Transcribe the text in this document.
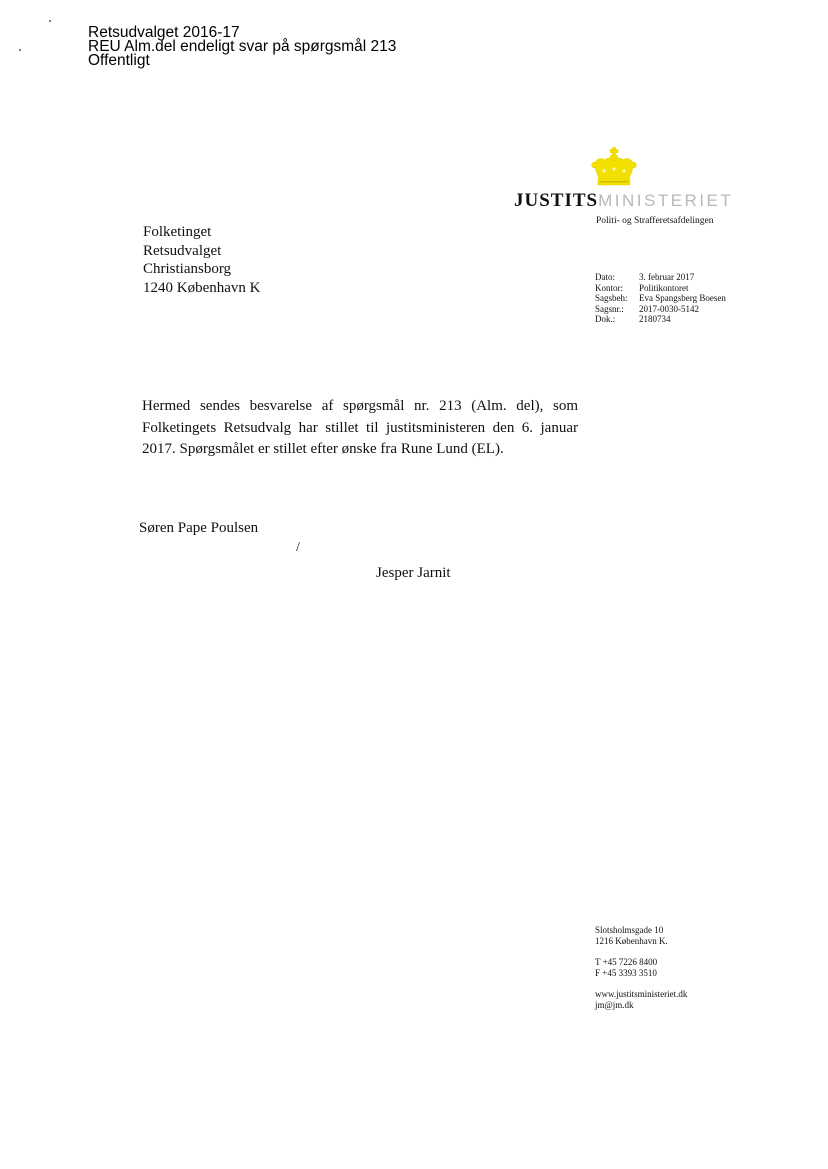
Retsudvalget 2016-17
REU Alm.del endeligt svar på spørgsmål 213
Offentligt
JUSTITSMINISTERIET
Politi- og Strafferetsafdelingen
Folketinget
Retsudvalget
Christiansborg
1240 København K
Dato:	3. februar 2017
Kontor:	Politikontoret
Sagsbeh:	Eva Spangsberg Boesen
Sagsnr.:	2017-0030-5142
Dok.:	2180734
Hermed sendes besvarelse af spørgsmål nr. 213 (Alm. del), som Folketingets Retsudvalg har stillet til justitsministeren den 6. januar 2017. Spørgsmålet er stillet efter ønske fra Rune Lund (EL).
Søren Pape Poulsen
/
Jesper Jarnit
Slotsholmsgade 10
1216 København K.
T +45 7226 8400
F +45 3393 3510
www.justitsministeriet.dk
jm@jm.dk
